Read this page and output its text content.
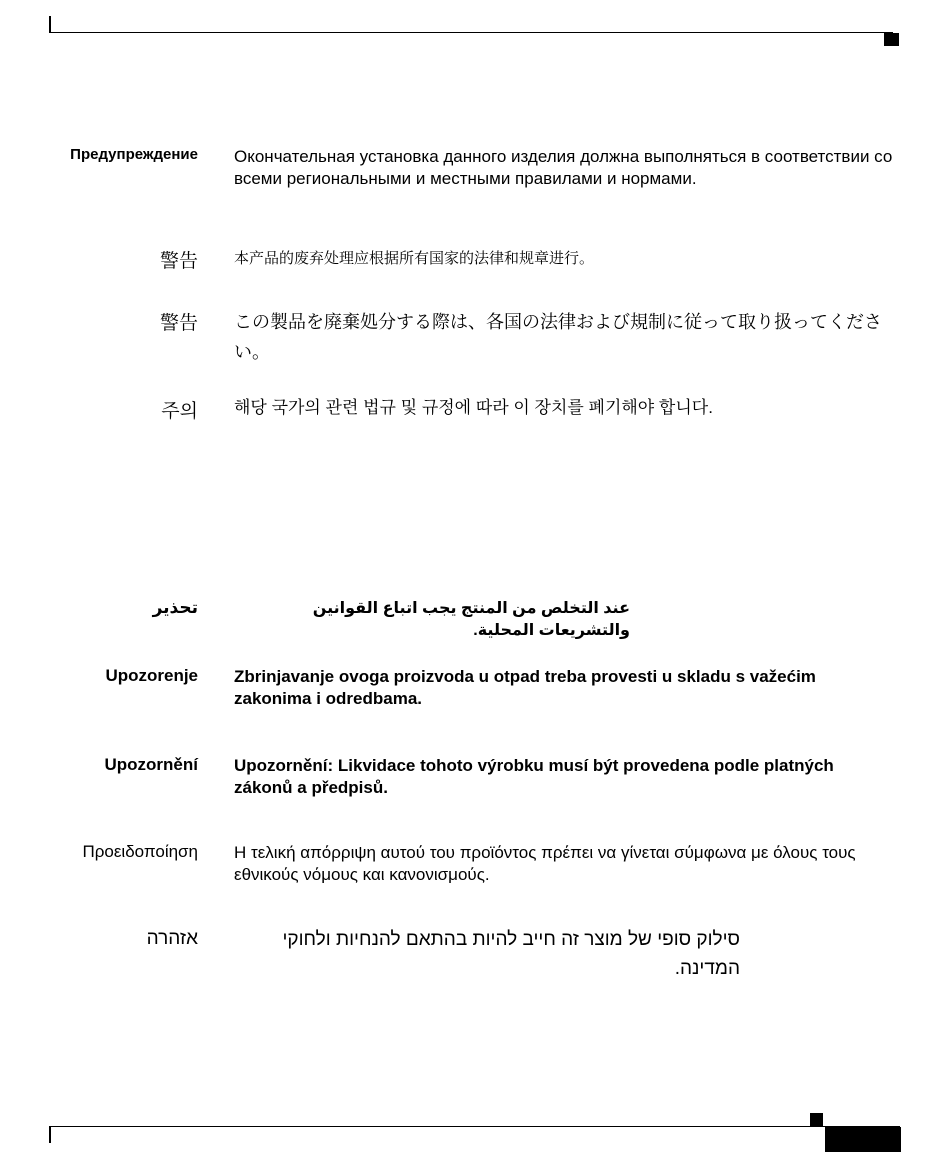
Предупреждение Окончательная установка данного изделия должна выполняться в соответствии со всеми региональными и местными правилами и нормами.
警告 本产品的废弃处理应根据所有国家的法律和规章进行。
警告 この製品を廃棄処分する際は、各国の法律および規制に従って取り扱ってください。
주의 해당 국가의 관련 법규 및 규정에 따라 이 장치를 폐기해야 합니다.
تحذير	عند التخلص من المنتج يجب اتباع القوانين والتشريعات المحلية.
Upozorenje Zbrinjavanje ovoga proizvoda u otpad treba provesti u skladu s važećim zakonima i odredbama.
Upozornění Upozornění: Likvidace tohoto výrobku musí být provedena podle platných zákonů a předpisů.
Προειδοποίηση Η τελική απόρριψη αυτού του προϊόντος πρέπει να γίνεται σύμφωνα με όλους τους εθνικούς νόμους και κανονισμούς.
אזהרה	סילוק סופי של מוצר זה חייב להיות בהתאם להנחיות ולחוקי המדינה.
